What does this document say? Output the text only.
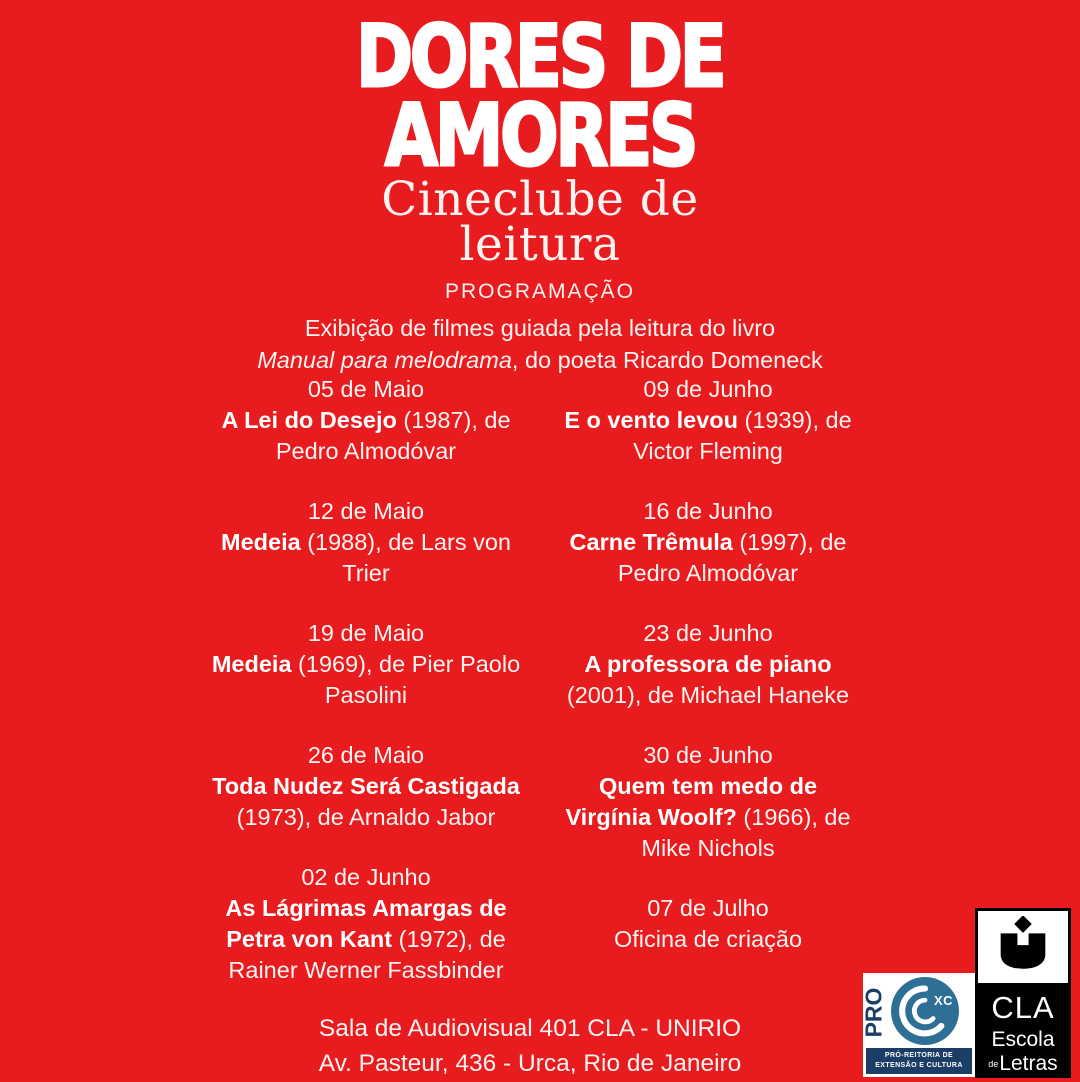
DORES DE
AMORES
Cineclube de
leitura
PROGRAMAÇÃO
Exibição de filmes guiada pela leitura do livro
Manual para melodrama, do poeta Ricardo Domeneck
05 de Maio
A Lei do Desejo (1987), de
Pedro Almodóvar
12 de Maio
Medeia (1988), de Lars von
Trier
19 de Maio
Medeia (1969), de Pier Paolo
Pasolini
26 de Maio
Toda Nudez Será Castigada
(1973), de Arnaldo Jabor
02 de Junho
As Lágrimas Amargas de
Petra von Kant (1972), de
Rainer Werner Fassbinder
09 de Junho
E o vento levou (1939), de
Victor Fleming
16 de Junho
Carne Trêmula (1997), de
Pedro Almodóvar
23 de Junho
A professora de piano
(2001), de Michael Haneke
30 de Junho
Quem tem medo de
Virgínia Woolf? (1966), de
Mike Nichols
07 de Julho
Oficina de criação
Sala de Audiovisual 401 CLA - UNIRIO
Av. Pasteur, 436 - Urca, Rio de Janeiro
PRO	XC
PRÓ-REITORIA DE
EXTENSÃO E CULTURA
CLA
Escola
deLetras
